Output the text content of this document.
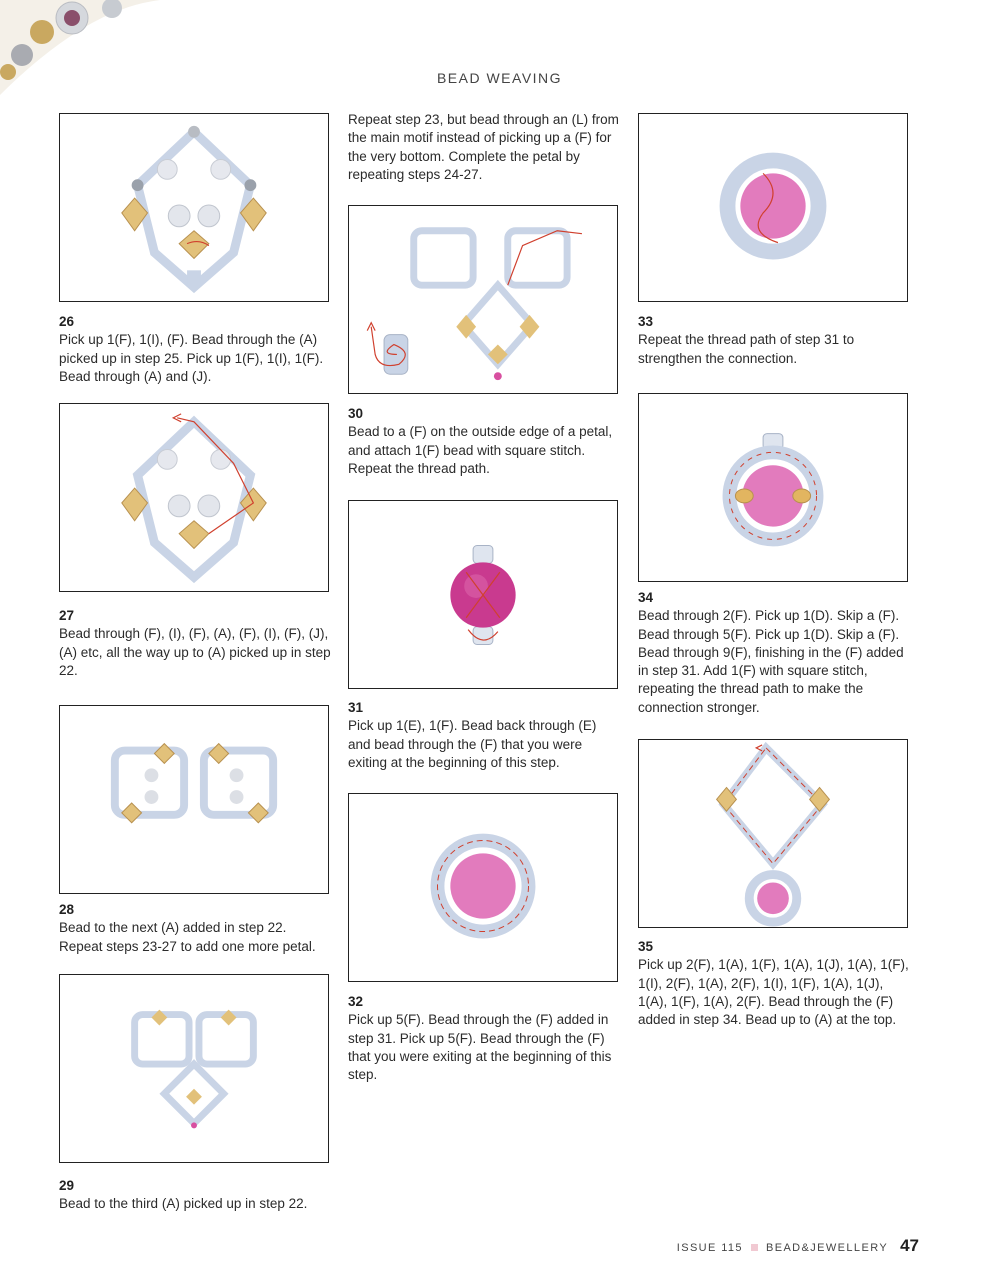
BEAD WEAVING
26
Pick up 1(F), 1(I), (F). Bead through the (A) picked up in step 25. Pick up 1(F), 1(I), 1(F). Bead through (A) and (J).
27
Bead through (F), (I), (F), (A), (F), (I), (F), (J), (A) etc, all the way up to (A) picked up in step 22.
28
Bead to the next (A) added in step 22. Repeat steps 23-27 to add one more petal.
29
Bead to the third (A) picked up in step 22.
Repeat step 23, but bead through an (L) from the main motif instead of picking up a (F) for the very bottom. Complete the petal by repeating steps 24-27.
30
Bead to a (F) on the outside edge of a petal, and attach 1(F) bead with square stitch. Repeat the thread path.
31
Pick up 1(E), 1(F). Bead back through (E) and bead through the (F) that you were exiting at the beginning of this step.
32
Pick up 5(F). Bead through the (F) added in step 31. Pick up 5(F). Bead through the (F) that you were exiting at the beginning of this step.
33
Repeat the thread path of step 31 to strengthen the connection.
34
Bead through 2(F). Pick up 1(D). Skip a (F). Bead through 5(F). Pick up 1(D). Skip a (F). Bead through 9(F), finishing in the (F) added in step 31. Add 1(F) with square stitch, repeating the thread path to make the connection stronger.
35
Pick up 2(F), 1(A), 1(F), 1(A), 1(J), 1(A), 1(F), 1(I), 2(F), 1(A), 2(F), 1(I), 1(F), 1(A), 1(J), 1(A), 1(F), 1(A), 2(F). Bead through the (F) added in step 34. Bead up to (A) at the top.
ISSUE 115 BEAD&JEWELLERY 47
